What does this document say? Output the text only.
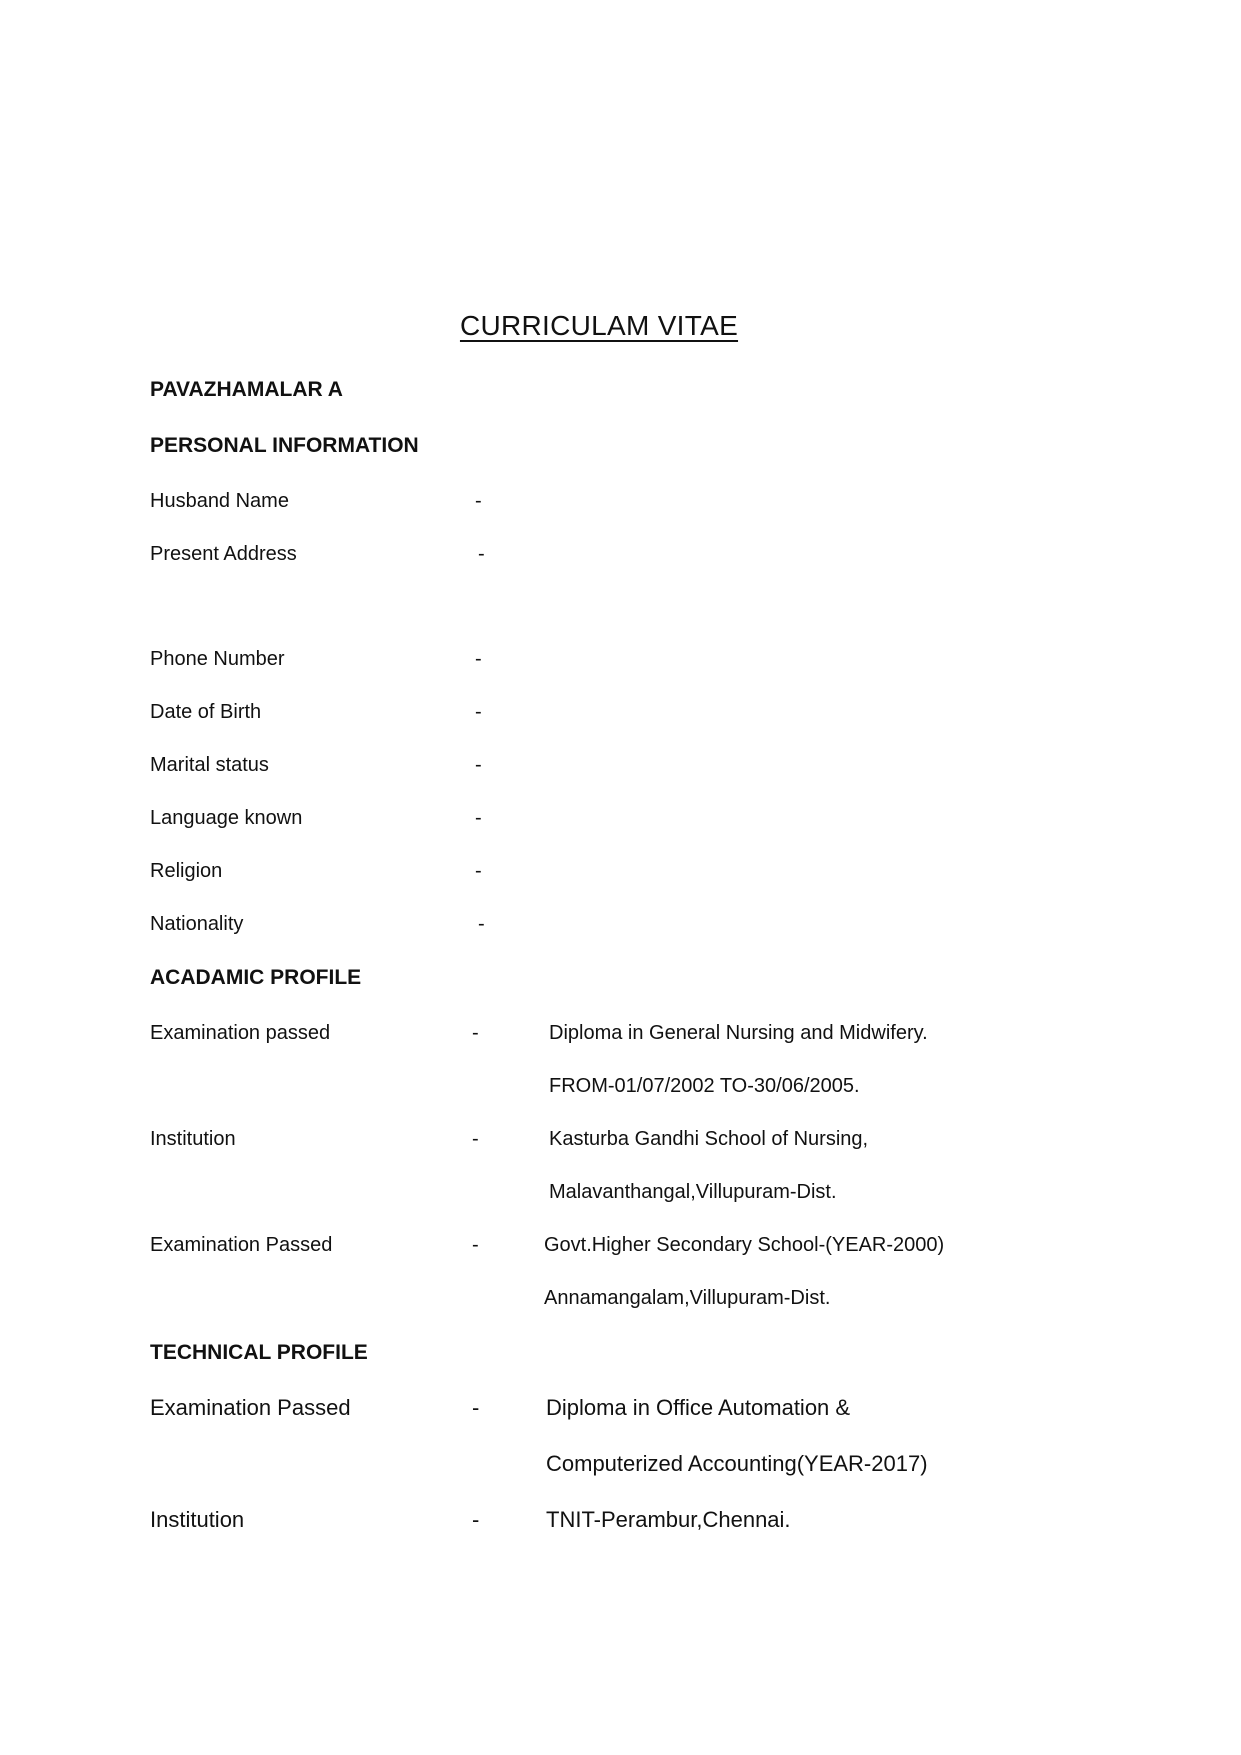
CURRICULAM VITAE
PAVAZHAMALAR A
PERSONAL INFORMATION
Husband Name	-
Present Address	-
Phone Number	-
Date of Birth	-
Marital status	-
Language known	-
Religion	-
Nationality	-
ACADAMIC PROFILE
Examination passed	-	Diploma in General Nursing and Midwifery.
FROM-01/07/2002 TO-30/06/2005.
Institution	-	Kasturba Gandhi School of Nursing,
Malavanthangal,Villupuram-Dist.
Examination Passed	-	Govt.Higher Secondary School-(YEAR-2000)
Annamangalam,Villupuram-Dist.
TECHNICAL PROFILE
Examination Passed	-	Diploma in Office Automation &
Computerized Accounting(YEAR-2017)
Institution	-	TNIT-Perambur,Chennai.
